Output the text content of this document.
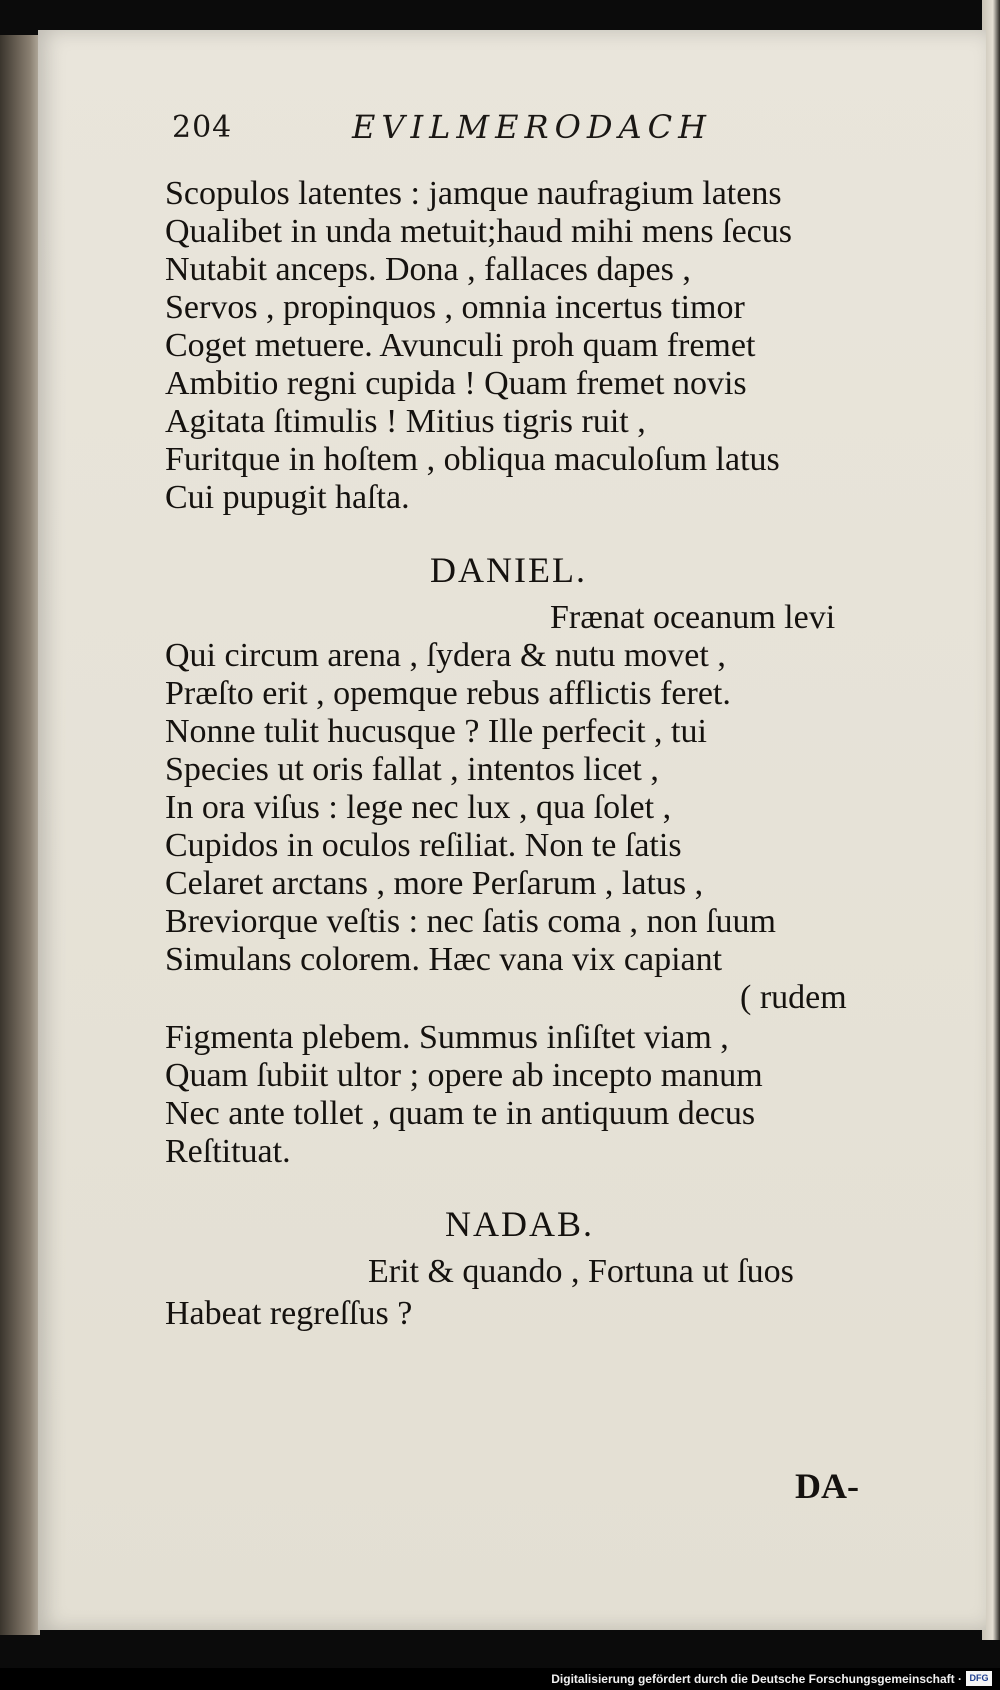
204	EVILMERODACH
Scopulos latentes : jamque naufragium latens
Qualibet in unda metuit;haud mihi mens ſecus
Nutabit anceps. Dona , fallaces dapes ,
Servos , propinquos , omnia incertus timor
Coget metuere. Avunculi proh quam fremet
Ambitio regni cupida ! Quam fremet novis
Agitata ſtimulis ! Mitius tigris ruit ,
Furitque in hoſtem , obliqua maculoſum latus
Cui pupugit haſta.
DANIEL.
Frænat oceanum levi
Qui circum arena , ſydera & nutu movet ,
Præſto erit , opemque rebus afflictis feret.
Nonne tulit hucusque ? Ille perfecit , tui
Species ut oris fallat , intentos licet ,
In ora viſus : lege nec lux , qua ſolet ,
Cupidos in oculos reſiliat. Non te ſatis
Celaret arctans , more Perſarum , latus ,
Breviorque veſtis : nec ſatis coma , non ſuum
Simulans colorem. Hæc vana vix capiant
( rudem
Figmenta plebem. Summus inſiſtet viam ,
Quam ſubiit ultor ; opere ab incepto manum
Nec ante tollet , quam te in antiquum decus
Reſtituat.
NADAB.
Erit & quando , Fortuna ut ſuos
Habeat regreſſus ?
DA-
Digitalisierung gefördert durch die Deutsche Forschungsgemeinschaft · DFG
